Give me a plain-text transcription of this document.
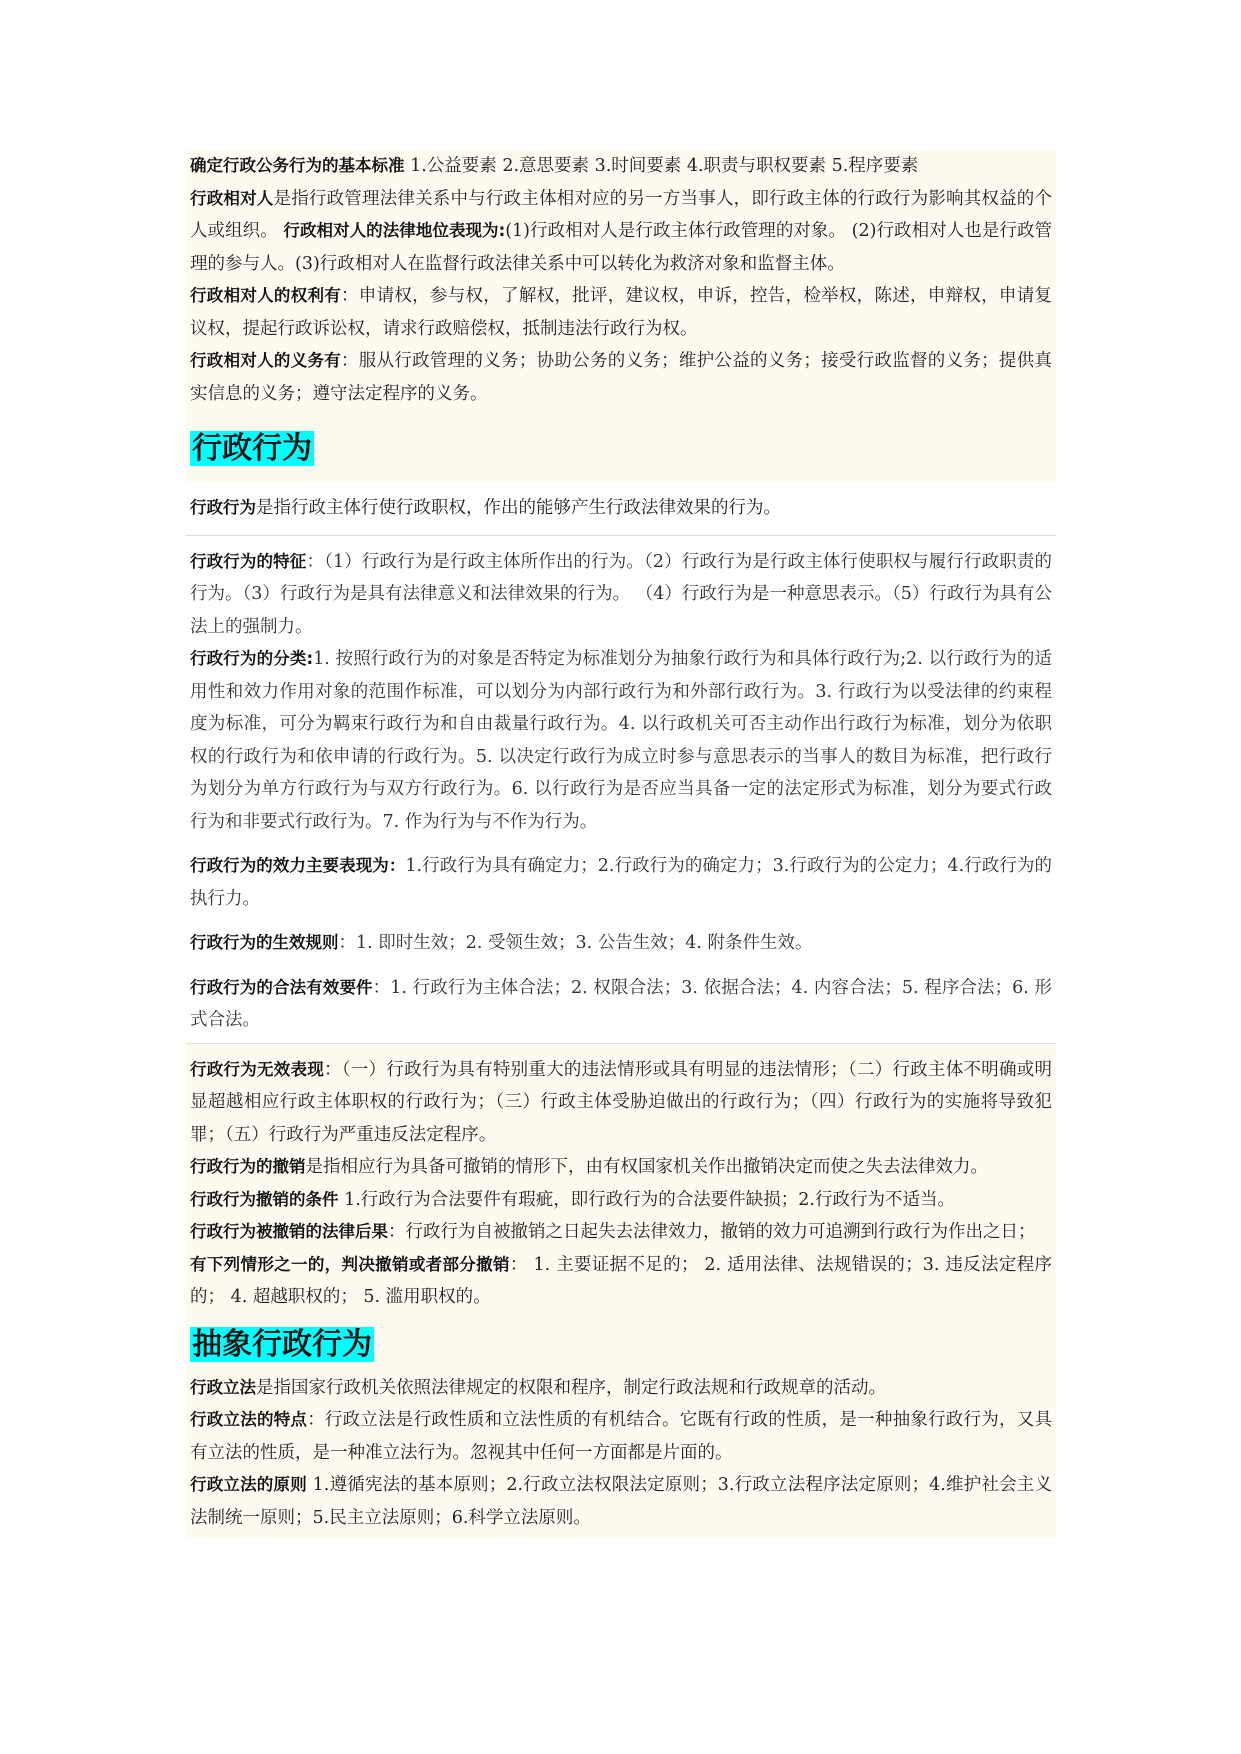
确定行政公务行为的基本标准 1.公益要素 2.意思要素 3.时间要素 4.职责与职权要素 5.程序要素

行政相对人是指行政管理法律关系中与行政主体相对应的另一方当事人，即行政主体的行政行为影响其权益的个人或组织。 行政相对人的法律地位表现为:(1)行政相对人是行政主体行政管理的对象。 (2)行政相对人也是行政管理的参与人。(3)行政相对人在监督行政法律关系中可以转化为救济对象和监督主体。

行政相对人的权利有：申请权，参与权，了解权，批评，建议权，申诉，控告，检举权，陈述，申辩权，申请复议权，提起行政诉讼权，请求行政赔偿权，抵制违法行政行为权。

行政相对人的义务有：服从行政管理的义务；协助公务的义务；维护公益的义务；接受行政监督的义务；提供真实信息的义务；遵守法定程序的义务。

行政行为

行政行为是指行政主体行使行政职权，作出的能够产生行政法律效果的行为。

行政行为的特征：（1）行政行为是行政主体所作出的行为。（2）行政行为是行政主体行使职权与履行行政职责的行为。（3）行政行为是具有法律意义和法律效果的行为。 （4）行政行为是一种意思表示。（5）行政行为具有公法上的强制力。

行政行为的分类:1. 按照行政行为的对象是否特定为标准划分为抽象行政行为和具体行政行为;2. 以行政行为的适用性和效力作用对象的范围作标准，可以划分为内部行政行为和外部行政行为。3. 行政行为以受法律的约束程度为标准，可分为羁束行政行为和自由裁量行政行为。4. 以行政机关可否主动作出行政行为标准，划分为依职权的行政行为和依申请的行政行为。5. 以决定行政行为成立时参与意思表示的当事人的数目为标准，把行政行为划分为单方行政行为与双方行政行为。6. 以行政行为是否应当具备一定的法定形式为标准，划分为要式行政行为和非要式行政行为。7. 作为行为与不作为行为。

行政行为的效力主要表现为：1.行政行为具有确定力；2.行政行为的确定力；3.行政行为的公定力；4.行政行为的执行力。

行政行为的生效规则：1. 即时生效；2. 受领生效；3. 公告生效；4. 附条件生效。

行政行为的合法有效要件：1. 行政行为主体合法；2. 权限合法；3. 依据合法；4. 内容合法；5. 程序合法；6. 形式合法。

行政行为无效表现：（一）行政行为具有特别重大的违法情形或具有明显的违法情形；（二）行政主体不明确或明显超越相应行政主体职权的行政行为；（三）行政主体受胁迫做出的行政行为；（四）行政行为的实施将导致犯罪；（五）行政行为严重违反法定程序。

行政行为的撤销是指相应行为具备可撤销的情形下，由有权国家机关作出撤销决定而使之失去法律效力。

行政行为撤销的条件 1.行政行为合法要件有瑕疵，即行政行为的合法要件缺损；2.行政行为不适当。

行政行为被撤销的法律后果：行政行为自被撤销之日起失去法律效力，撤销的效力可追溯到行政行为作出之日；

有下列情形之一的，判决撤销或者部分撤销： 1. 主要证据不足的； 2. 适用法律、法规错误的；3. 违反法定程序的； 4. 超越职权的； 5. 滥用职权的。

抽象行政行为

行政立法是指国家行政机关依照法律规定的权限和程序，制定行政法规和行政规章的活动。

行政立法的特点：行政立法是行政性质和立法性质的有机结合。它既有行政的性质，是一种抽象行政行为，又具有立法的性质，是一种准立法行为。忽视其中任何一方面都是片面的。

行政立法的原则 1.遵循宪法的基本原则；2.行政立法权限法定原则；3.行政立法程序法定原则；4.维护社会主义法制统一原则；5.民主立法原则；6.科学立法原则。
